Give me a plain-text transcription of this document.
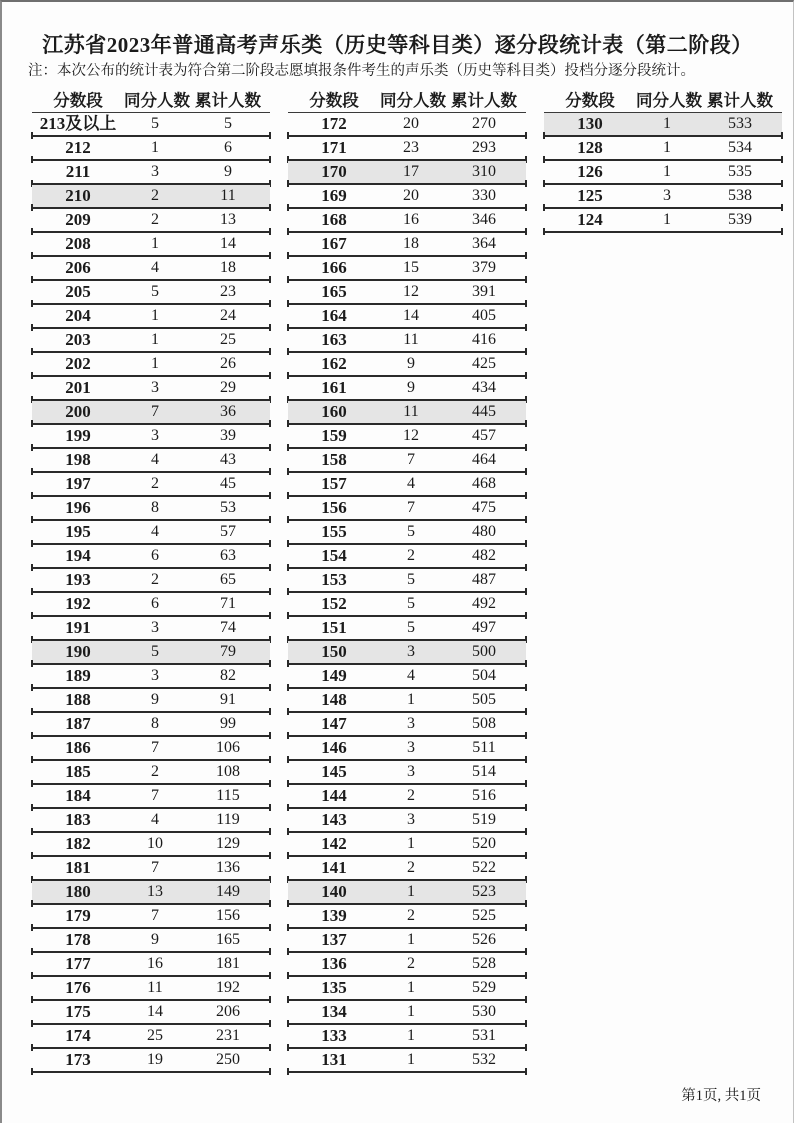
江苏省2023年普通高考声乐类（历史等科目类）逐分段统计表（第二阶段）

注：本次公布的统计表为符合第二阶段志愿填报条件考生的声乐类（历史等科目类）投档分逐分段统计。

分数段	同分人数 累计人数
213及以上	5	5
212	1	6
211	3	9
210	2	11
209	2	13
208	1	14
206	4	18
205	5	23
204	1	24
203	1	25
202	1	26
201	3	29
200	7	36
199	3	39
198	4	43
197	2	45
196	8	53
195	4	57
194	6	63
193	2	65
192	6	71
191	3	74
190	5	79
189	3	82
188	9	91
187	8	99
186	7	106
185	2	108
184	7	115
183	4	119
182	10	129
181	7	136
180	13	149
179	7	156
178	9	165
177	16	181
176	11	192
175	14	206
174	25	231
173	19	250
分数段	同分人数 累计人数
172	20	270
171	23	293
170	17	310
169	20	330
168	16	346
167	18	364
166	15	379
165	12	391
164	14	405
163	11	416
162	9	425
161	9	434
160	11	445
159	12	457
158	7	464
157	4	468
156	7	475
155	5	480
154	2	482
153	5	487
152	5	492
151	5	497
150	3	500
149	4	504
148	1	505
147	3	508
146	3	511
145	3	514
144	2	516
143	3	519
142	1	520
141	2	522
140	1	523
139	2	525
137	1	526
136	2	528
135	1	529
134	1	530
133	1	531
131	1	532
分数段	同分人数 累计人数
130	1	533
128	1	534
126	1	535
125	3	538
124	1	539
第1页, 共1页
